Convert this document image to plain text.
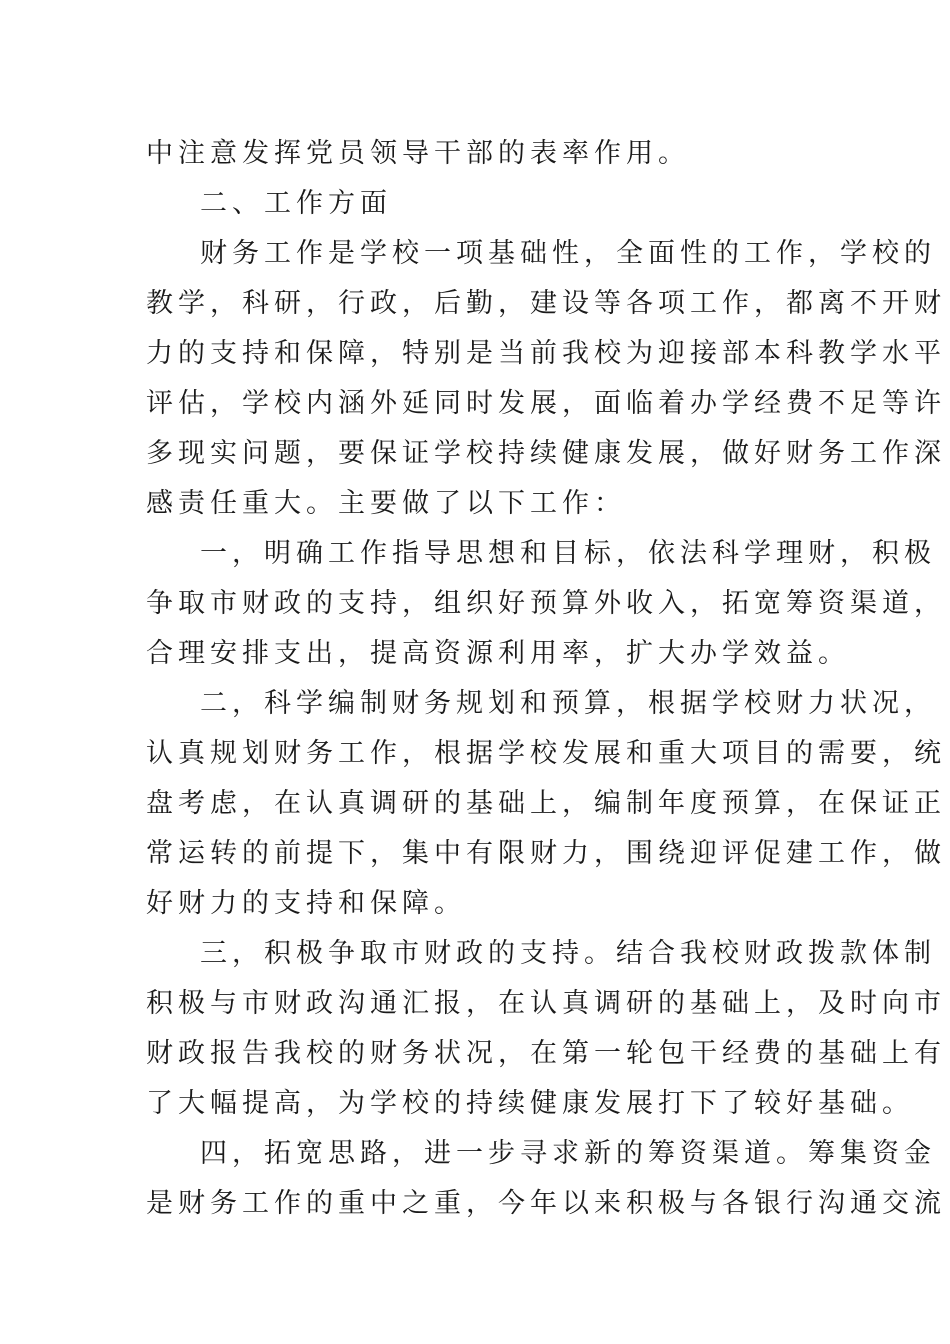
中注意发挥党员领导干部的表率作用。
二、工作方面
财务工作是学校一项基础性，全面性的工作，学校的
教学，科研，行政，后勤，建设等各项工作，都离不开财
力的支持和保障，特别是当前我校为迎接部本科教学水平
评估，学校内涵外延同时发展，面临着办学经费不足等许
多现实问题，要保证学校持续健康发展，做好财务工作深
感责任重大。主要做了以下工作：
一，明确工作指导思想和目标，依法科学理财，积极
争取市财政的支持，组织好预算外收入，拓宽筹资渠道，
合理安排支出，提高资源利用率，扩大办学效益。
二，科学编制财务规划和预算，根据学校财力状况，
认真规划财务工作，根据学校发展和重大项目的需要，统
盘考虑，在认真调研的基础上，编制年度预算，在保证正
常运转的前提下，集中有限财力，围绕迎评促建工作，做
好财力的支持和保障。
三，积极争取市财政的支持。结合我校财政拨款体制
积极与市财政沟通汇报，在认真调研的基础上，及时向市
财政报告我校的财务状况，在第一轮包干经费的基础上有
了大幅提高，为学校的持续健康发展打下了较好基础。
四，拓宽思路，进一步寻求新的筹资渠道。筹集资金
是财务工作的重中之重，今年以来积极与各银行沟通交流
